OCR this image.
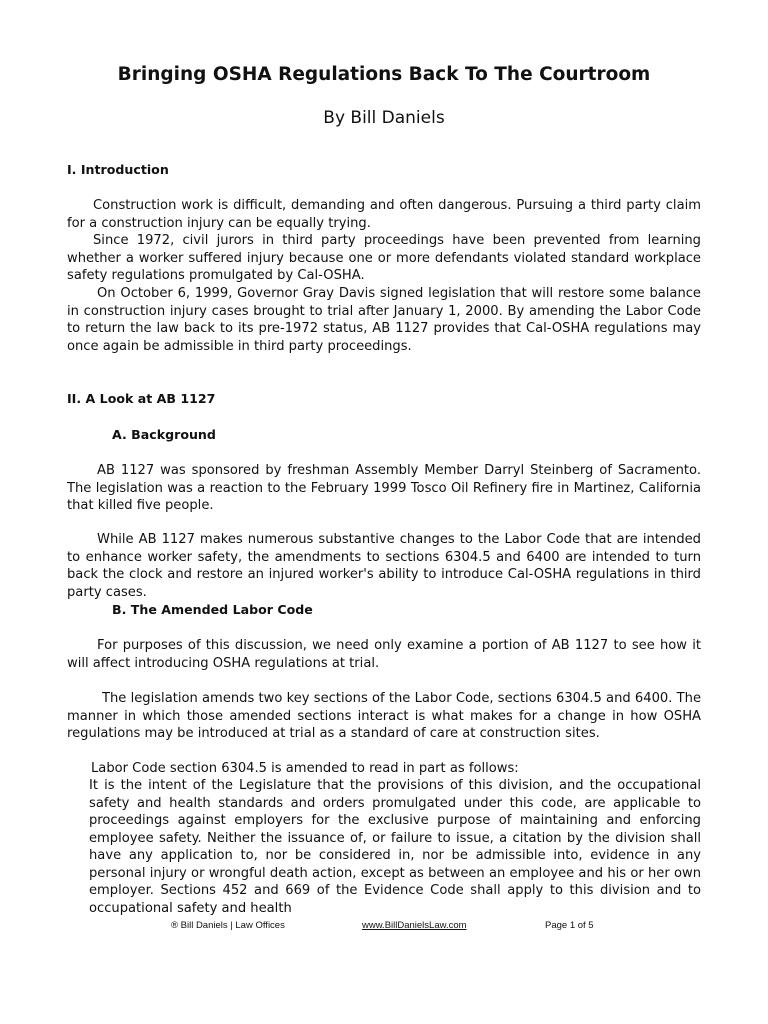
Bringing OSHA Regulations Back To The Courtroom
By Bill Daniels
I. Introduction

Construction work is difficult, demanding and often dangerous. Pursuing a third party claim for a construction injury can be equally trying.

Since 1972, civil jurors in third party proceedings have been prevented from learning whether a worker suffered injury because one or more defendants violated standard workplace safety regulations promulgated by Cal-OSHA.

On October 6, 1999, Governor Gray Davis signed legislation that will restore some balance in construction injury cases brought to trial after January 1, 2000. By amending the Labor Code to return the law back to its pre-1972 status, AB 1127 provides that Cal-OSHA regulations may once again be admissible in third party proceedings.

II. A Look at AB 1127
A. Background

AB 1127 was sponsored by freshman Assembly Member Darryl Steinberg of Sacramento. The legislation was a reaction to the February 1999 Tosco Oil Refinery fire in Martinez, California that killed five people.

While AB 1127 makes numerous substantive changes to the Labor Code that are intended to enhance worker safety, the amendments to sections 6304.5 and 6400 are intended to turn back the clock and restore an injured worker's ability to introduce Cal-OSHA regulations in third party cases.

B. The Amended Labor Code

For purposes of this discussion, we need only examine a portion of AB 1127 to see how it will affect introducing OSHA regulations at trial.

The legislation amends two key sections of the Labor Code, sections 6304.5 and 6400. The manner in which those amended sections interact is what makes for a change in how OSHA regulations may be introduced at trial as a standard of care at construction sites.

Labor Code section 6304.5 is amended to read in part as follows:

It is the intent of the Legislature that the provisions of this division, and the occupational safety and health standards and orders promulgated under this code, are applicable to proceedings against employers for the exclusive purpose of maintaining and enforcing employee safety. Neither the issuance of, or failure to issue, a citation by the division shall have any application to, nor be considered in, nor be admissible into, evidence in any personal injury or wrongful death action, except as between an employee and his or her own employer. Sections 452 and 669 of the Evidence Code shall apply to this division and to occupational safety and health

® Bill Daniels | Law Offices	www.BillDanielsLaw.com	Page 1 of 5
